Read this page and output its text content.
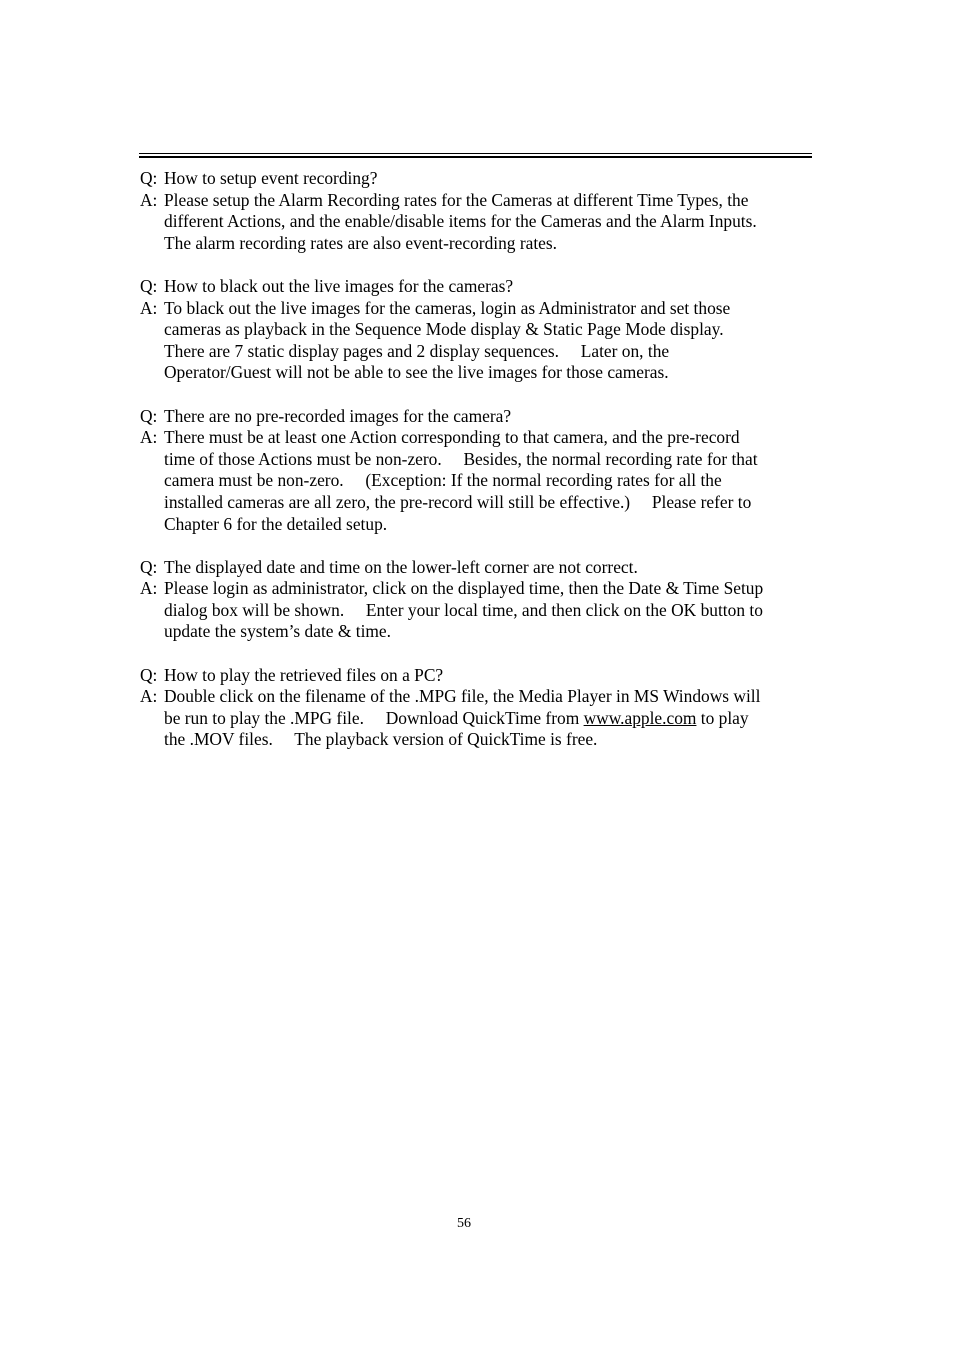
Q: How to setup event recording?

A: Please setup the Alarm Recording rates for the Cameras at different Time Types, the
different Actions, and the enable/disable items for the Cameras and the Alarm Inputs.
The alarm recording rates are also event-recording rates.

Q: How to black out the live images for the cameras?

A: To black out the live images for the cameras, login as Administrator and set those
cameras as playback in the Sequence Mode display & Static Page Mode display.
There are 7 static display pages and 2 display sequences.  Later on, the
Operator/Guest will not be able to see the live images for those cameras.

Q: There are no pre-recorded images for the camera?

A: There must be at least one Action corresponding to that camera, and the pre-record
time of those Actions must be non-zero.  Besides, the normal recording rate for that
camera must be non-zero.  (Exception: If the normal recording rates for all the
installed cameras are all zero, the pre-record will still be effective.)  Please refer to
Chapter 6 for the detailed setup.

Q: The displayed date and time on the lower-left corner are not correct.

A: Please login as administrator, click on the displayed time, then the Date & Time Setup
dialog box will be shown.  Enter your local time, and then click on the OK button to
update the system’s date & time.

Q: How to play the retrieved files on a PC?

A: Double click on the filename of the .MPG file, the Media Player in MS Windows will
be run to play the .MPG file.  Download QuickTime from www.apple.com to play
the .MOV files.  The playback version of QuickTime is free.
56
